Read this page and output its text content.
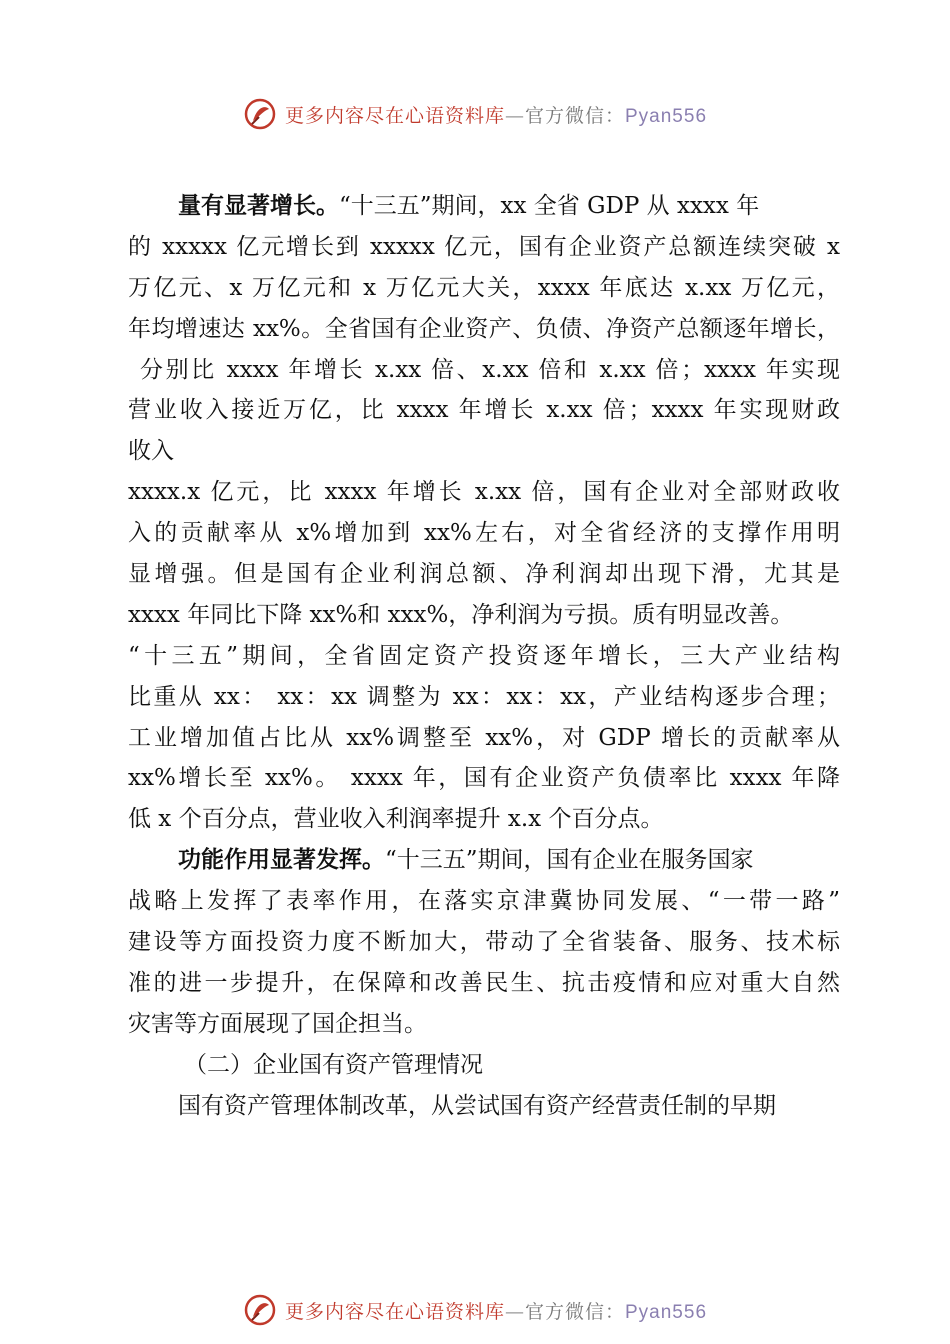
更多内容尽在心语资料库—官方微信：Pyan556
量有显著增长。“十三五”期间，xx 全省 GDP 从 xxxx 年
的 xxxxx 亿元增长到 xxxxx 亿元，国有企业资产总额连续突破 x
万亿元、x 万亿元和 x 万亿元大关，xxxx 年底达 x.xx 万亿元，
年均增速达 xx%。全省国有企业资产、负债、净资产总额逐年增长，
分别比 xxxx 年增长 x.xx 倍、x.xx 倍和 x.xx 倍；xxxx 年实现
营业收入接近万亿，比 xxxx 年增长 x.xx 倍；xxxx 年实现财政
收入
xxxx.x 亿元，比 xxxx 年增长 x.xx 倍，国有企业对全部财政收
入的贡献率从 x%增加到 xx%左右，对全省经济的支撑作用明
显增强。但是国有企业利润总额、净利润却出现下滑，尤其是
xxxx 年同比下降 xx%和 xxx%，净利润为亏损。质有明显改善。
“十三五”期间，全省固定资产投资逐年增长，三大产业结构
比重从 xx： xx：xx 调整为 xx：xx：xx，产业结构逐步合理；
工业增加值占比从 xx%调整至 xx%，对 GDP 增长的贡献率从
xx%增长至 xx%。 xxxx 年，国有企业资产负债率比 xxxx 年降
低 x 个百分点，营业收入利润率提升 x.x 个百分点。
功能作用显著发挥。“十三五”期间，国有企业在服务国家
战略上发挥了表率作用，在落实京津冀协同发展、“一带一路”
建设等方面投资力度不断加大，带动了全省装备、服务、技术标
准的进一步提升，在保障和改善民生、抗击疫情和应对重大自然
灾害等方面展现了国企担当。
（二）企业国有资产管理情况
国有资产管理体制改革，从尝试国有资产经营责任制的早期
更多内容尽在心语资料库—官方微信：Pyan556
